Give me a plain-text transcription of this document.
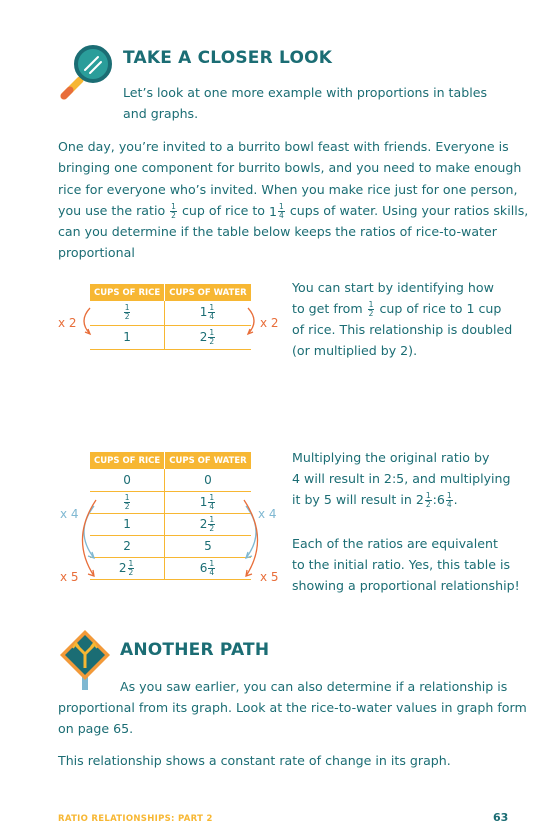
TAKE A CLOSER LOOK
Let’s look at one more example with proportions in tables
and graphs.
One day, you’re invited to a burrito bowl feast with friends. Everyone is
bringing one component for burrito bowls, and you need to make enough
rice for everyone who’s invited. When you make rice just for one person,
you use the ratio $\frac{1}{2}$ cup of rice to $1 \frac{1}{4}$ cups of water. Using your ratios skills,
can you determine if the table below keeps the ratios of rice-to-water
proportional
CUPS OF RICE	CUPS OF WATER

$\frac{1}{2}$	$1 \frac{1}{4}$

1	$2 \frac{1}{2}$
x 2	x 2
You can start by identifying how
to get from $\frac{1}{2}$ cup of rice to 1 cup
of rice. This relationship is doubled
(or multiplied by 2).
CUPS OF RICE	CUPS OF WATER
0	0

$\frac{1}{2}$	$1 \frac{1}{4}$

1	$2 \frac{1}{2}$

2	5
$2 \frac{1}{2}$	$6 \frac{1}{4}$
x 4	x 4
x 5	x 5
Multiplying the original ratio by
4 will result in 2:5, and multiplying
it by 5 will result in $2 \frac{1}{2}$ :6 $\frac{1}{4}$ .
Each of the ratios are equivalent
to the initial ratio. Yes, this table is
showing a proportional relationship!
ANOTHER PATH
As you saw earlier, you can also determine if a relationship is
proportional from its graph. Look at the rice-to-water values in graph form
on page 65.
This relationship shows a constant rate of change in its graph.
RATIO RELATIONSHIPS: PART 2	63
